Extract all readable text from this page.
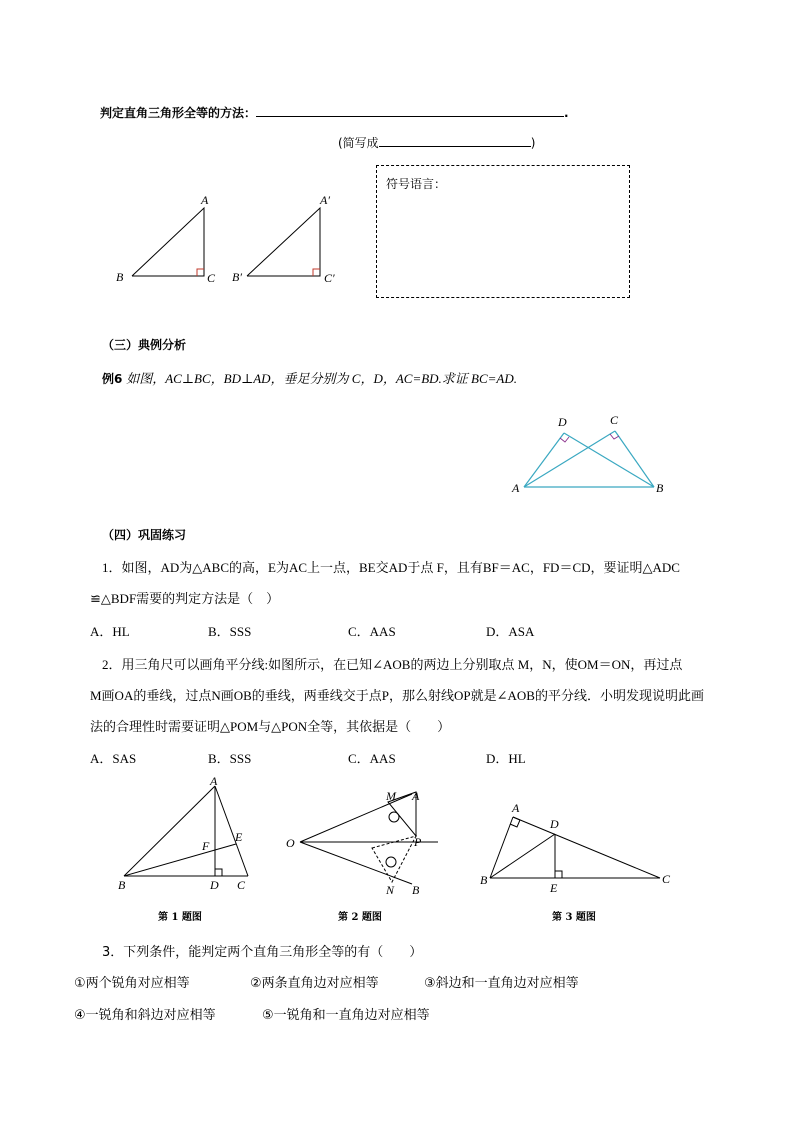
判定直角三角形全等的方法：	.
(简写成	)
A
B	C
A′
B′	C′
符号语言：
（三）典例分析
例6 如图，AC⊥BC，BD⊥AD，垂足分别为 C，D，AC=BD.求证 BC=AD.
D	C
A	B
（四）巩固练习
1．如图，AD为△ABC的高，E为AC上一点，BE交AD于点 F，且有BF＝AC，FD＝CD，要证明△ADC
≌△BDF需要的判定方法是（　）
A．HL	B．SSS	C．AAS	D．ASA
2．用三角尺可以画角平分线:如图所示，在已知∠AOB的两边上分别取点 M，N，使OM＝ON，再过点
M画OA的垂线，过点N画OB的垂线，两垂线交于点P，那么射线OP就是∠AOB的平分线．小明发现说明此画
法的合理性时需要证明△POM与△PON全等，其依据是（　　）
A．SAS	B．SSS	C．AAS	D．HL
A
B	C
D
E
F
第 1 题图
O
M A
P
N B
第 2 题图
A
B	C
D
E
第 3 题图
3．下列条件，能判定两个直角三角形全等的有（　　）
①两个锐角对应相等	②两条直角边对应相等	③斜边和一直角边对应相等
④一锐角和斜边对应相等	⑤一锐角和一直角边对应相等
